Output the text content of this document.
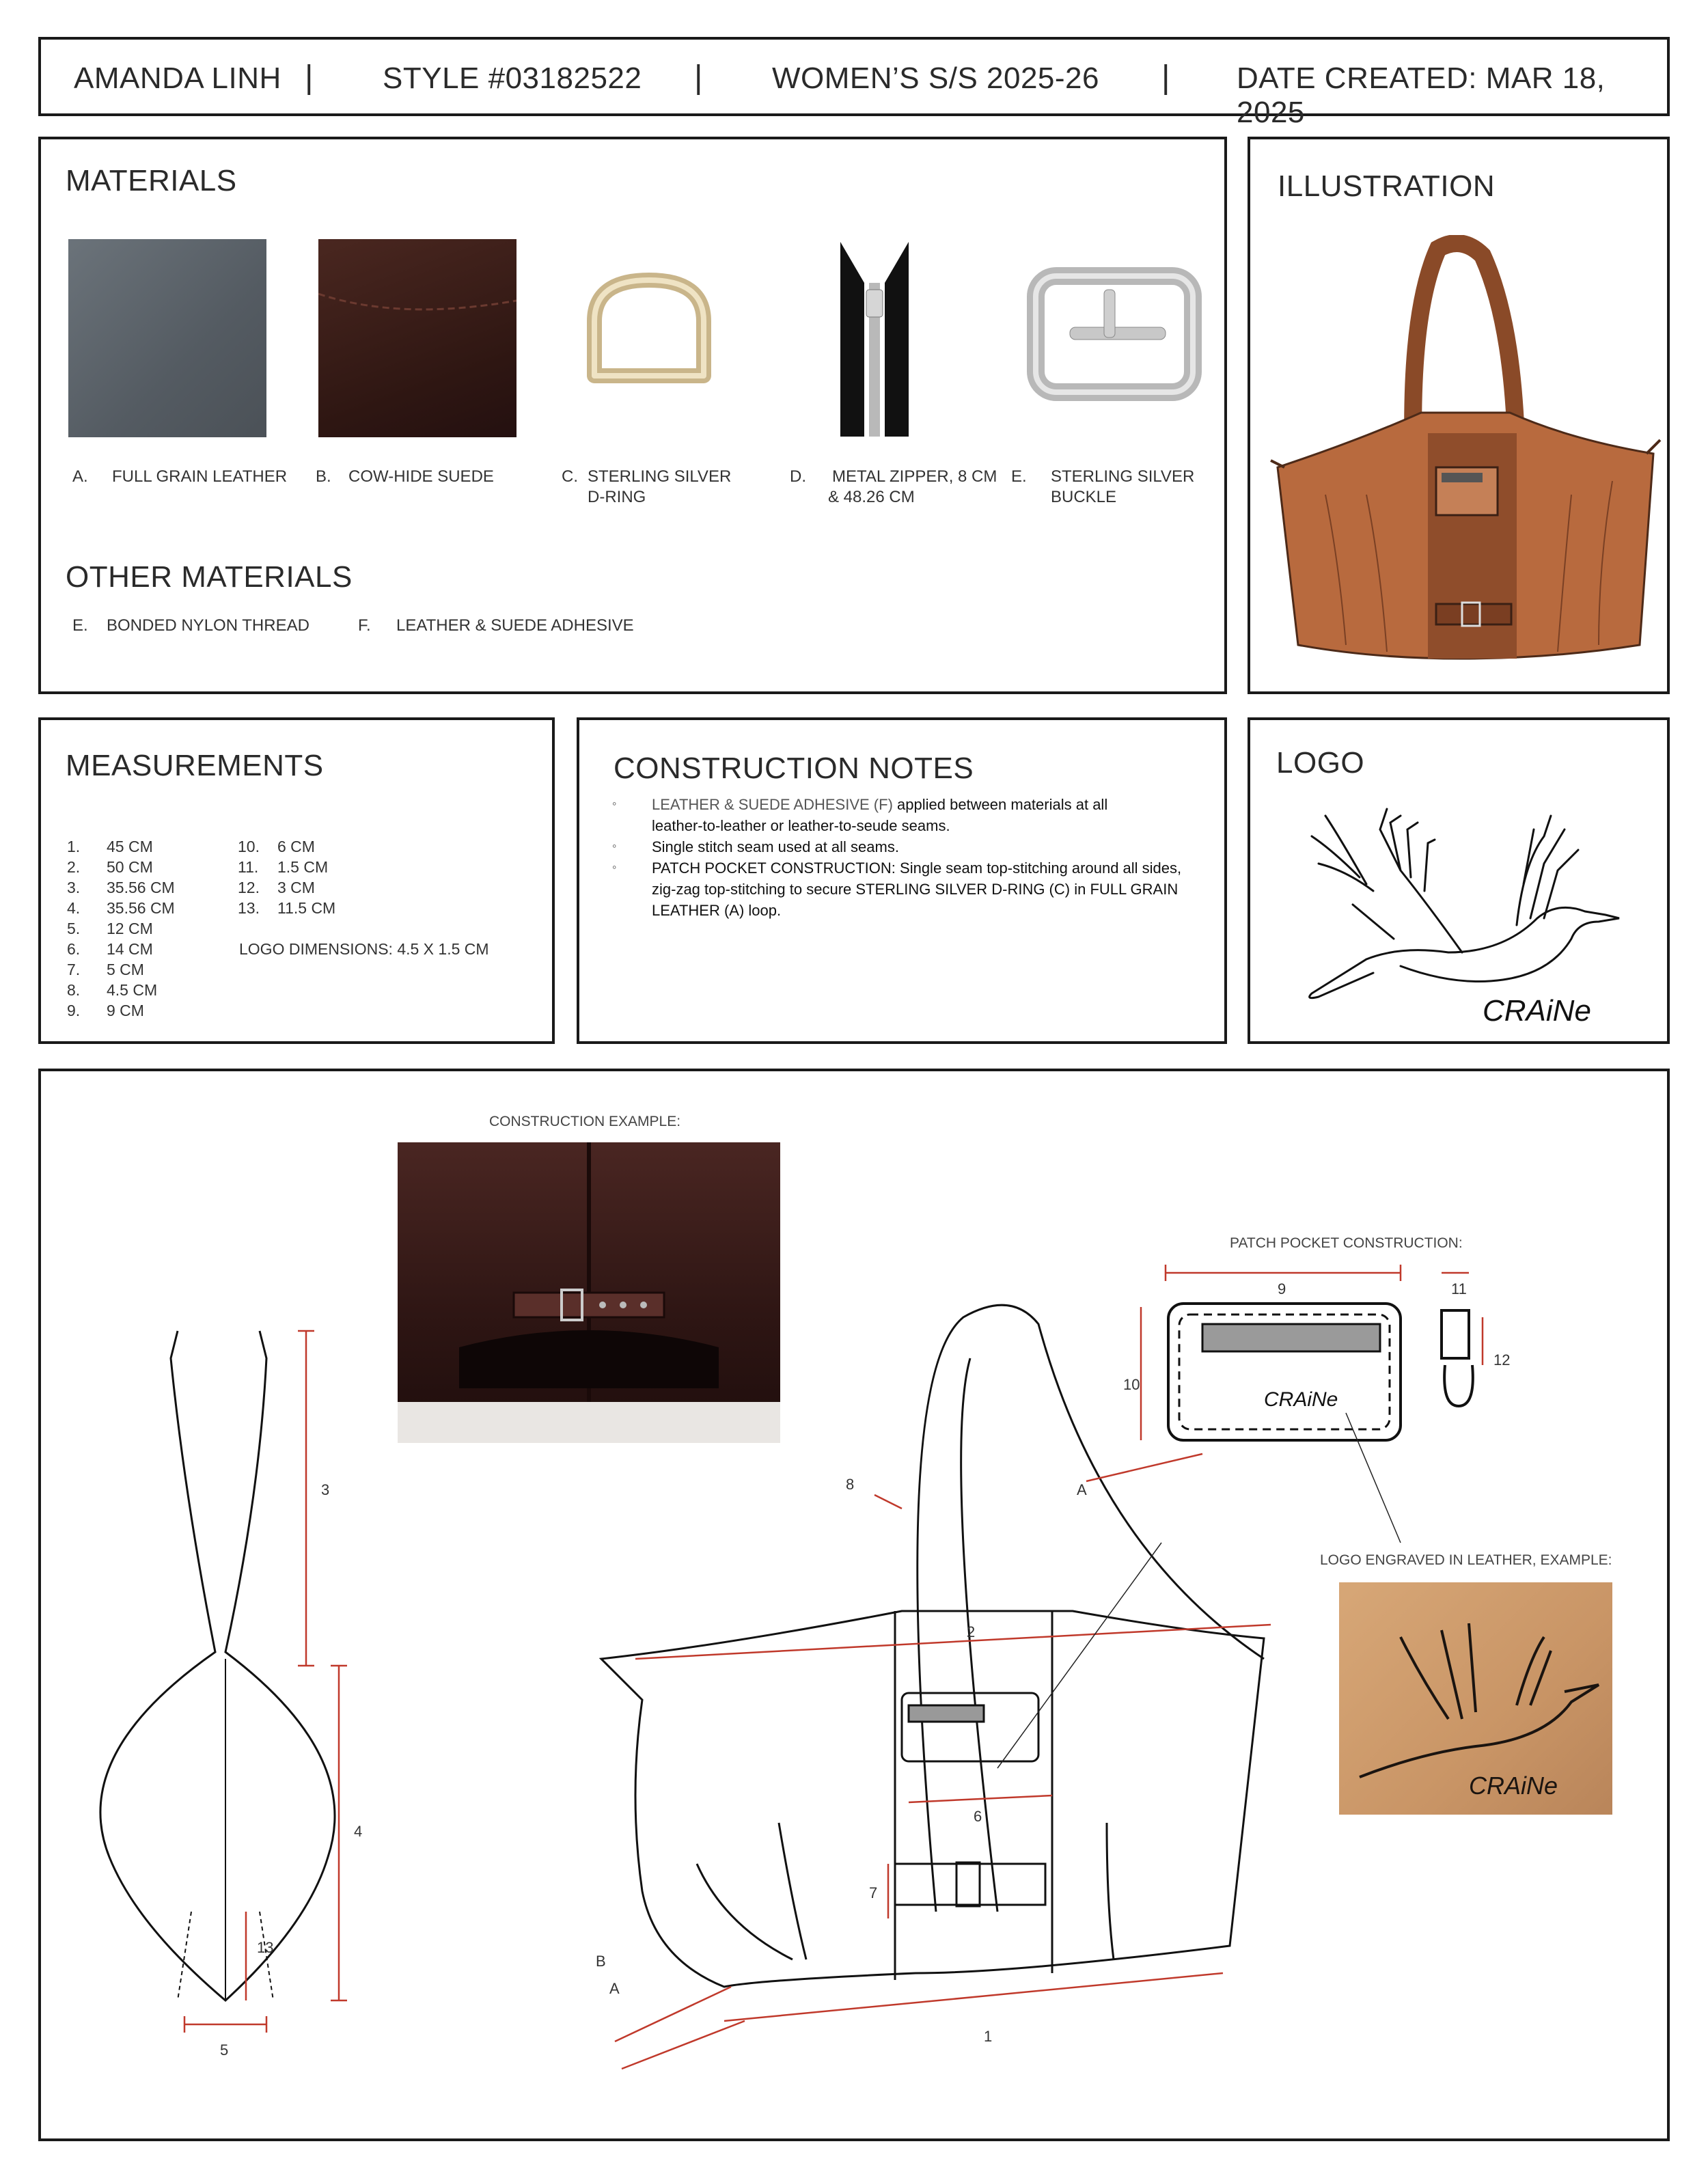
AMANDA LINH | STYLE #03182522 | WOMEN’S S/S 2025-26 | DATE CREATED: MAR 18, 2025
MATERIALS
A. FULL GRAIN LEATHER B. COW-HIDE SUEDE	C. STERLING SILVER
D-RING
D. METAL ZIPPER, 8 CM
& 48.26 CM
E. STERLING SILVER
BUCKLE
OTHER MATERIALS
E. BONDED NYLON THREAD	F. LEATHER & SUEDE ADHESIVE
ILLUSTRATION
MEASUREMENTS
LOGO DIMENSIONS: 4.5 X 1.5 CM
1. 45 CM
2. 50 CM
3. 35.56 CM
4. 35.56 CM
5. 12 CM
6. 14 CM
7. 5 CM
8. 4.5 CM
9. 9 CM
10. 6 CM
11. 1.5 CM
12. 3 CM
13. 11.5 CM
CONSTRUCTION NOTES
◦ LEATHER & SUEDE ADHESIVE (F) applied between materials at all
leather-to-leather or leather-to-seude seams.
◦ Single stitch seam used at all seams.
◦ PATCH POCKET CONSTRUCTION: Single seam top-stitching around all sides,
zig-zag top-stitching to secure STERLING SILVER D-RING (C) in FULL GRAIN
LEATHER (A) loop.
LOGO
CRAiNe
CONSTRUCTION EXAMPLE:
PATCH POCKET CONSTRUCTION:
LOGO ENGRAVED IN LEATHER, EXAMPLE:
CRAiNe
3
4
5
13
2
6
7
8
1
9	11
10
12
B
A
A
CRAiNe
